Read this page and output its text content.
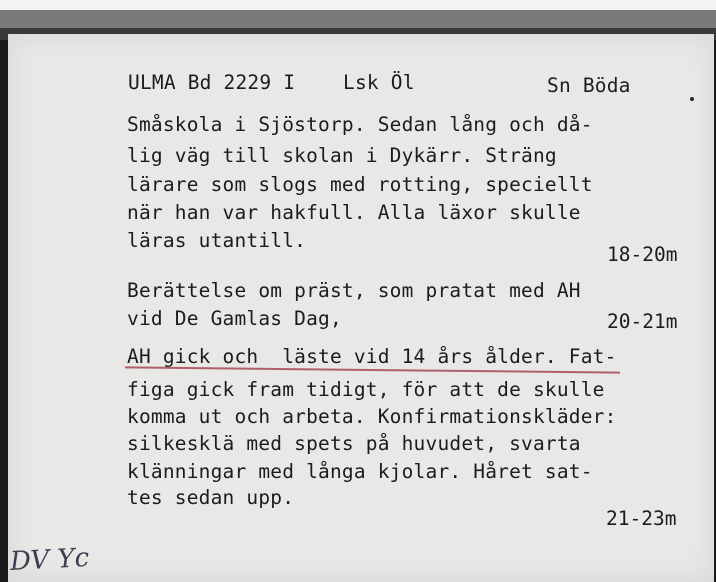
ULMA Bd 2229 I Lsk Öl	Sn Böda
Småskola i Sjöstorp. Sedan lång och då-
lig väg till skolan i Dykärr. Sträng
lärare som slogs med rotting, speciellt
när han var hakfull. Alla läxor skulle
läras utantill.
18-20m
Berättelse om präst, som pratat med AH
vid De Gamlas Dag,	20-21m
AH gick och  läste vid 14 års ålder. Fat-
figa gick fram tidigt, för att de skulle
komma ut och arbeta. Konfirmationskläder:
silkesklä med spets på huvudet, svarta
klänningar med långa kjolar. Håret sat-
tes sedan upp.
21-23m
DV Yc
